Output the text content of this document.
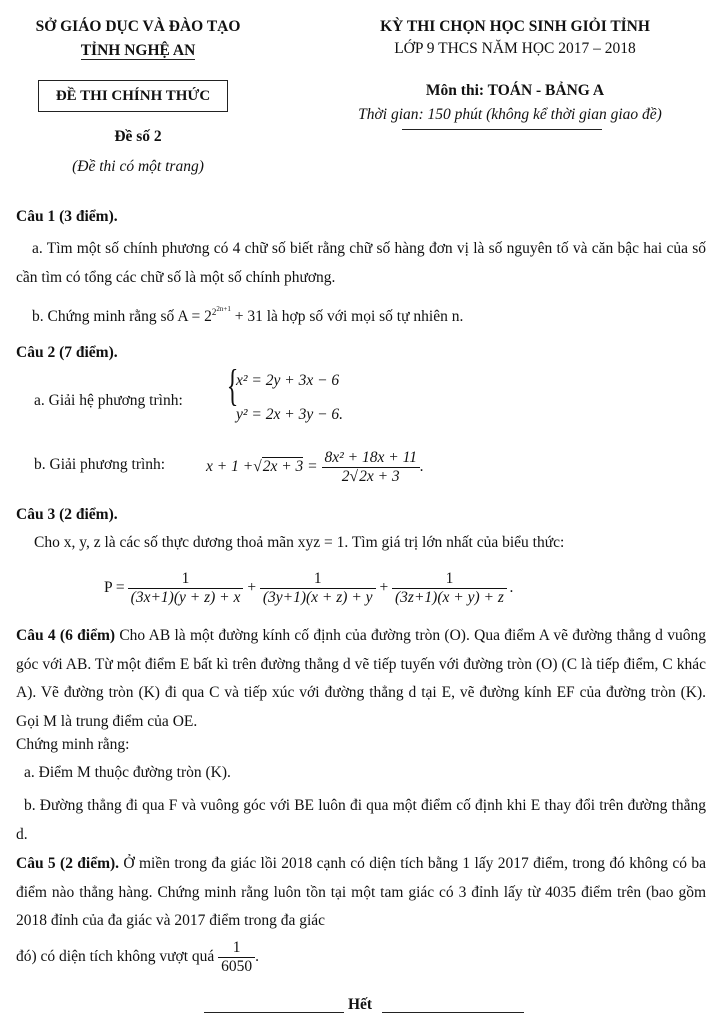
SỞ GIÁO DỤC VÀ ĐÀO TẠO
TỈNH NGHỆ AN
KỲ THI CHỌN HỌC SINH GIỎI TỈNH
LỚP 9 THCS NĂM HỌC 2017 – 2018
ĐỀ THI CHÍNH THỨC	Môn thi: TOÁN - BẢNG A
Thời gian: 150 phút (không kể thời gian giao đề)
Đề số 2
(Đề thi có một trang)
Câu 1 (3 điểm).
a. Tìm một số chính phương có 4 chữ số biết rằng chữ số hàng đơn vị là số nguyên tố và căn bậc hai của số cần tìm có tổng các chữ số là một số chính phương.
b. Chứng minh rằng số $A = 2^{2^{2n+1}} + 31$ là hợp số với mọi số tự nhiên n.
Câu 2 (7 điểm).
a. Giải hệ phương trình: {
x² = 2y + 3x − 6
y² = 2x + 3y − 6.
b. Giải phương trình:	$x + 1 + √2x + 3 = \frac{\text{8x² + 18x + 11}}{2√2x + 3}$ .
Câu 3 (2 điểm).
Cho x, y, z là các số thực dương thoả mãn xyz = 1. Tìm giá trị lớn nhất của biểu thức:
$P = \frac{1}{(3x+1)(y + z) + x} + \frac{1}{(3y+1)(x + z) + y} + \frac{1}{(3z+1)(x + y) + z}$ .
Câu 4 (6 điểm) Cho AB là một đường kính cố định của đường tròn (O). Qua điểm A vẽ đường thẳng d vuông góc với AB. Từ một điểm E bất kì trên đường thẳng d vẽ tiếp tuyến với đường tròn (O) (C là tiếp điểm, C khác A). Vẽ đường tròn (K) đi qua C và tiếp xúc với đường thẳng d tại E, vẽ đường kính EF của đường tròn (K). Gọi M là trung điểm của OE.
Chứng minh rằng:
a. Điểm M thuộc đường tròn (K).
b. Đường thẳng đi qua F và vuông góc với BE luôn đi qua một điểm cố định khi E thay đổi trên đường thẳng d.
Câu 5 (2 điểm). Ở miền trong đa giác lồi 2018 cạnh có diện tích bằng 1 lấy 2017 điểm, trong đó không có ba điểm nào thẳng hàng. Chứng minh rằng luôn tồn tại một tam giác có 3 đỉnh lấy từ 4035 điểm trên (bao gồm 2018 đỉnh của đa giác và 2017 điểm trong đa giác
đó) có diện tích không vượt quá $\frac{1}{6050}$ .
Hết
